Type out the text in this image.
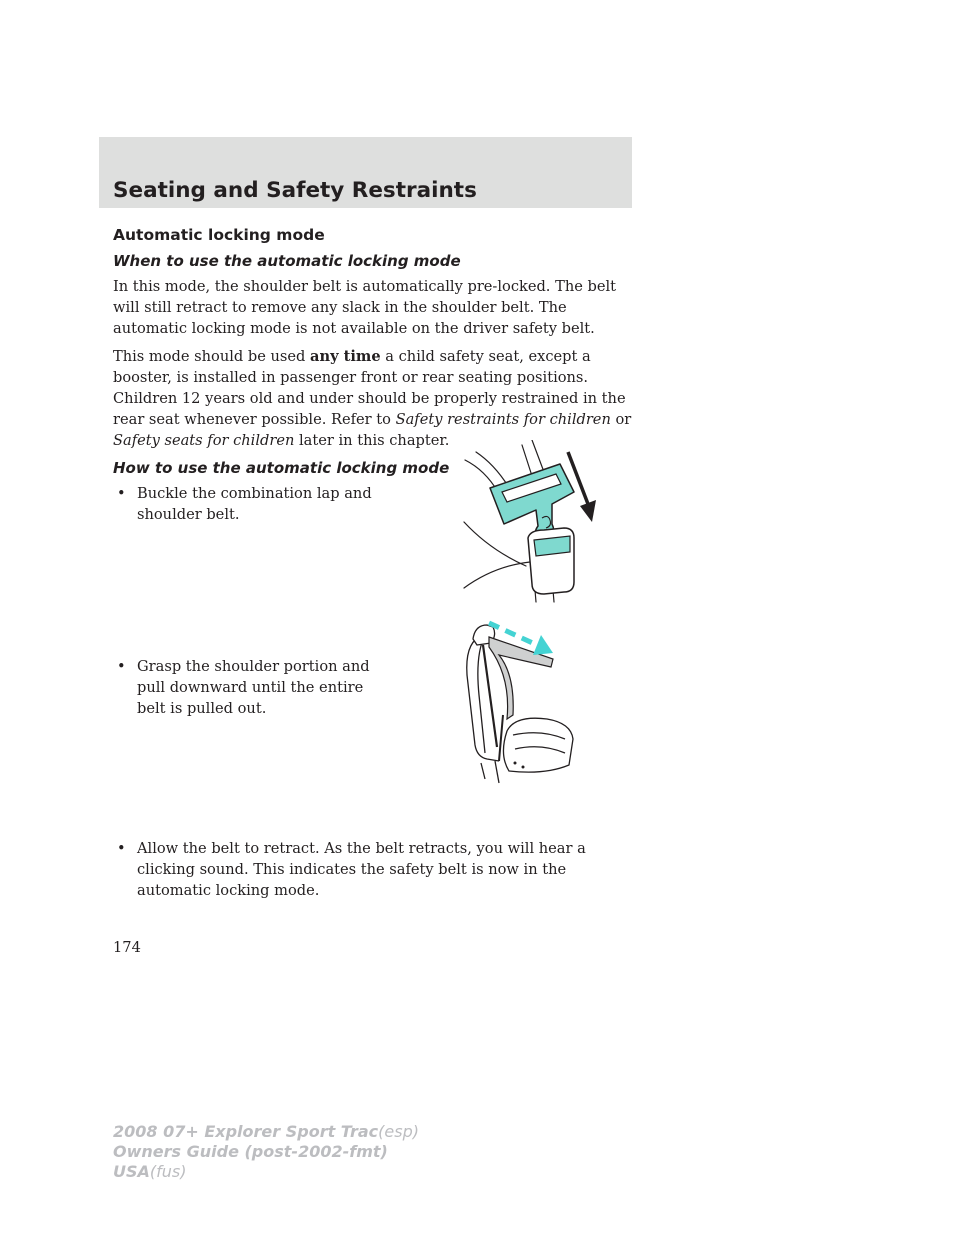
Seating and Safety Restraints
Automatic locking mode
When to use the automatic locking mode

In this mode, the shoulder belt is automatically pre-locked. The belt will still retract to remove any slack in the shoulder belt. The automatic locking mode is not available on the driver safety belt.

This mode should be used any time a child safety seat, except a booster, is installed in passenger front or rear seating positions. Children 12 years old and under should be properly restrained in the rear seat whenever possible. Refer to Safety restraints for children or Safety seats for children later in this chapter.

How to use the automatic locking mode
• Buckle the combination lap and shoulder belt.
• Grasp the shoulder portion and pull downward until the entire belt is pulled out.
• Allow the belt to retract. As the belt retracts, you will hear a clicking sound. This indicates the safety belt is now in the automatic locking mode.
174
2008 07+ Explorer Sport Trac(esp)
Owners Guide (post-2002-fmt)
USA(fus)
